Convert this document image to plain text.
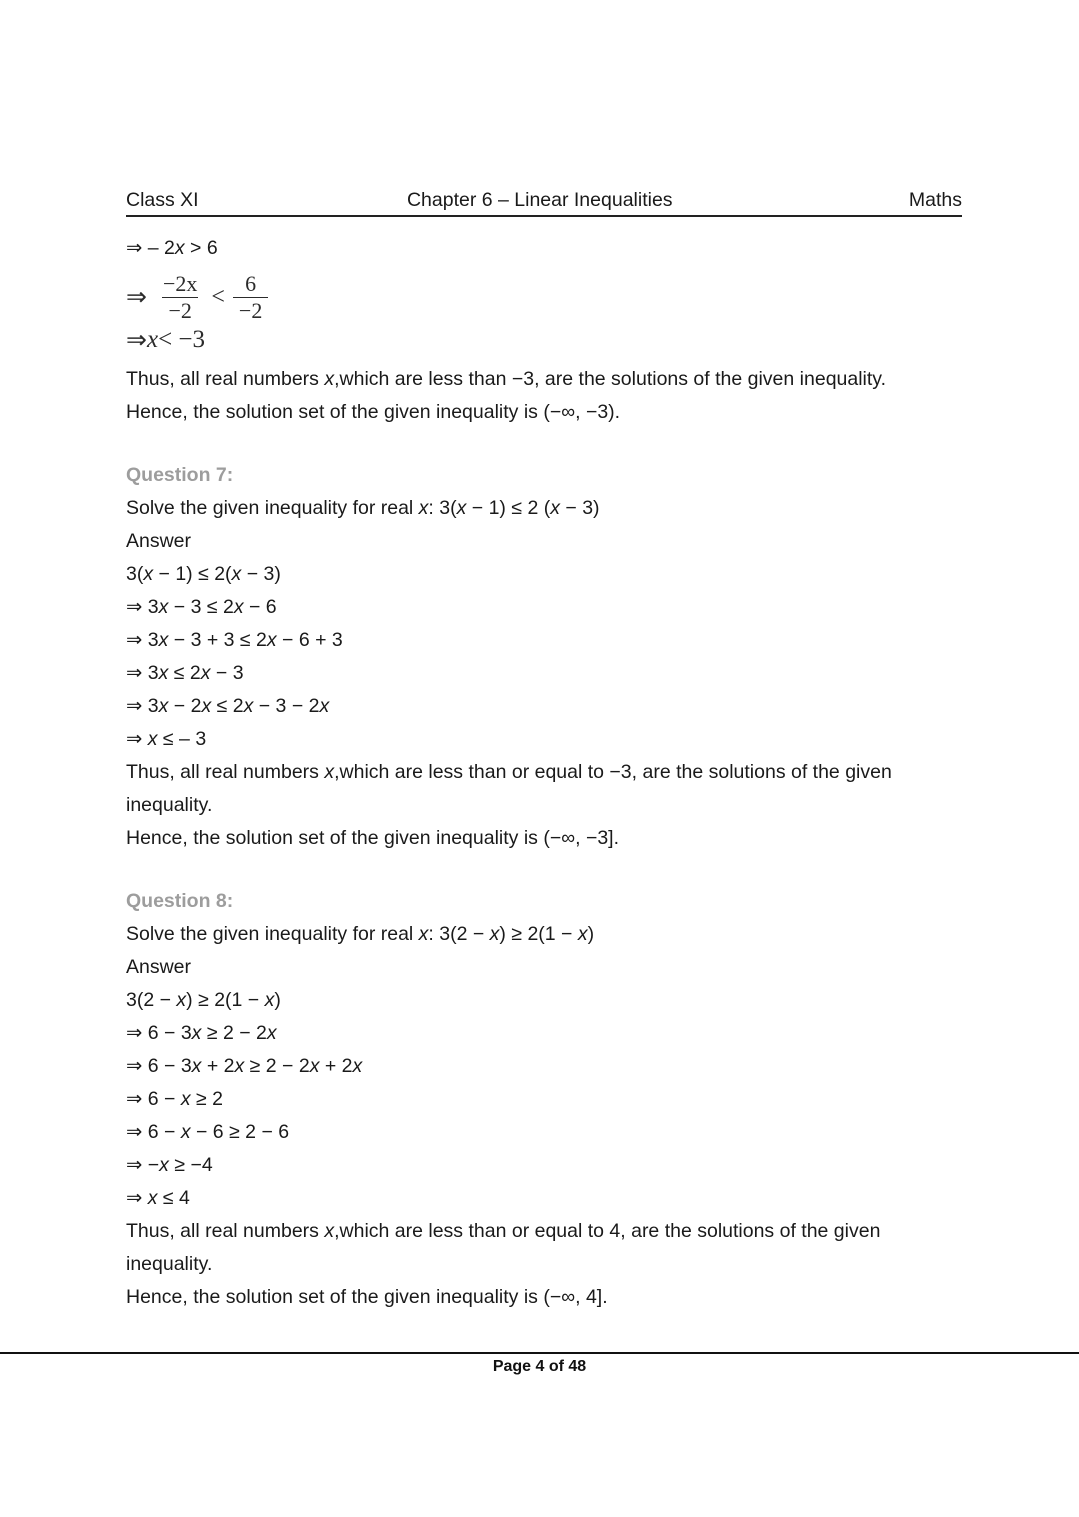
Class XI	Chapter 6 – Linear Inequalities	Maths
⇒ – 2x > 6
⇒ $\frac{-2x}{-2} < \frac{6}{-2}$
⇒ x < −3
Thus, all real numbers x,which are less than −3, are the solutions of the given inequality.
Hence, the solution set of the given inequality is (−∞, −3).
Question 7:
Solve the given inequality for real x: 3(x − 1) ≤ 2 (x − 3)
Answer
3(x − 1) ≤ 2(x − 3)
⇒ 3x − 3 ≤ 2x − 6
⇒ 3x − 3 + 3 ≤ 2x − 6 + 3
⇒ 3x ≤ 2x − 3
⇒ 3x − 2x ≤ 2x − 3 − 2x
⇒ x ≤ – 3
Thus, all real numbers x,which are less than or equal to −3, are the solutions of the given inequality.
Hence, the solution set of the given inequality is (−∞, −3].
Question 8:
Solve the given inequality for real x: 3(2 − x) ≥ 2(1 − x)
Answer
3(2 − x) ≥ 2(1 − x)
⇒ 6 − 3x ≥ 2 − 2x
⇒ 6 − 3x + 2x ≥ 2 − 2x + 2x
⇒ 6 − x ≥ 2
⇒ 6 − x − 6 ≥ 2 − 6
⇒ −x ≥ −4
⇒ x ≤ 4
Thus, all real numbers x,which are less than or equal to 4, are the solutions of the given inequality.
Hence, the solution set of the given inequality is (−∞, 4].
Page 4 of 48
